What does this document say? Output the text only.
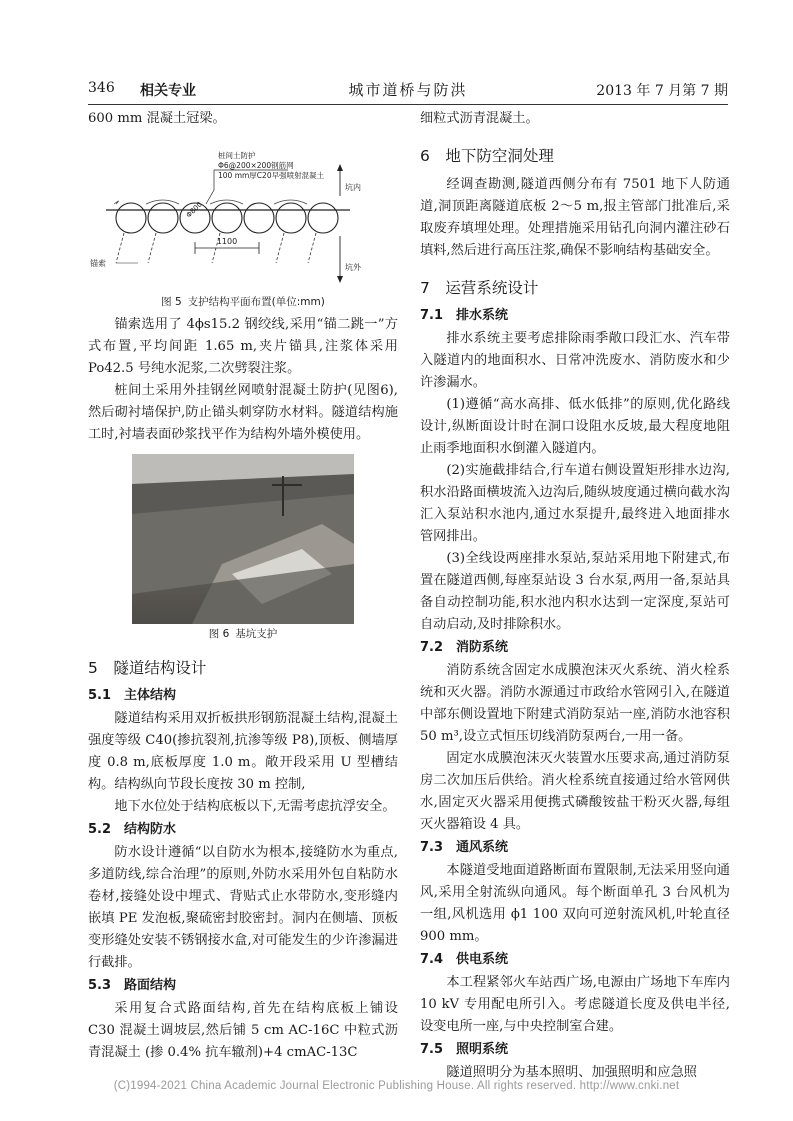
346 相关专业	城市道桥与防洪	2013 年 7 月第 7 期

600 mm 混凝土冠梁。

1100
Φ800
桩间土防护
Φ6@200×200钢筋网
100 mm厚C20早强喷射混凝土
坑内
坑外
锚索
图 5 支护结构平面布置(单位:mm)

锚索选用了 4ϕs15.2 钢绞线,采用“锚二跳一”方式布置,平均间距 1.65 m,夹片锚具,注浆体采用 Po42.5 号纯水泥浆,二次劈裂注浆。

桩间土采用外挂钢丝网喷射混凝土防护(见图6),然后砌衬墙保护,防止锚头刺穿防水材料。隧道结构施工时,衬墙表面砂浆找平作为结构外墙外模使用。

图 6 基坑支护
5　隧道结构设计
5.1　主体结构

隧道结构采用双折板拱形钢筋混凝土结构,混凝土强度等级 C40(掺抗裂剂,抗渗等级 P8),顶板、侧墙厚度 0.8 m,底板厚度 1.0 m。敞开段采用 U 型槽结构。结构纵向节段长度按 30 m 控制,

地下水位处于结构底板以下,无需考虑抗浮安全。

5.2　结构防水

防水设计遵循“以自防水为根本,接缝防水为重点,多道防线,综合治理”的原则,外防水采用外包自粘防水卷材,接缝处设中埋式、背贴式止水带防水,变形缝内嵌填 PE 发泡板,聚硫密封胶密封。洞内在侧墙、顶板变形缝处安装不锈钢接水盒,对可能发生的少许渗漏进行截排。

5.3　路面结构

采用复合式路面结构,首先在结构底板上铺设 C30 混凝土调坡层,然后铺 5 cm AC-16C 中粒式沥青混凝土 (掺 0.4% 抗车辙剂)+4 cmAC-13C

细粒式沥青混凝土。

6　地下防空洞处理

经调查勘测,隧道西侧分布有 7501 地下人防通道,洞顶距离隧道底板 2～5 m,报主管部门批准后,采取废弃填埋处理。处理措施采用钻孔向洞内灌注砂石填料,然后进行高压注浆,确保不影响结构基础安全。

7　运营系统设计
7.1　排水系统

排水系统主要考虑排除雨季敞口段汇水、汽车带入隧道内的地面积水、日常冲洗废水、消防废水和少许渗漏水。

(1)遵循“高水高排、低水低排”的原则,优化路线设计,纵断面设计时在洞口设阻水反坡,最大程度地阻止雨季地面积水倒灌入隧道内。

(2)实施截排结合,行车道右侧设置矩形排水边沟,积水沿路面横坡流入边沟后,随纵坡度通过横向截水沟汇入泵站积水池内,通过水泵提升,最终进入地面排水管网排出。

(3)全线设两座排水泵站,泵站采用地下附建式,布置在隧道西侧,每座泵站设 3 台水泵,两用一备,泵站具备自动控制功能,积水池内积水达到一定深度,泵站可自动启动,及时排除积水。

7.2　消防系统

消防系统含固定水成膜泡沫灭火系统、消火栓系统和灭火器。消防水源通过市政给水管网引入,在隧道中部东侧设置地下附建式消防泵站一座,消防水池容积 50 m³,设立式恒压切线消防泵两台,一用一备。

固定水成膜泡沫灭火装置水压要求高,通过消防泵房二次加压后供给。消火栓系统直接通过给水管网供水,固定灭火器采用便携式磷酸铵盐干粉灭火器,每组灭火器箱设 4 具。

7.3　通风系统

本隧道受地面道路断面布置限制,无法采用竖向通风,采用全射流纵向通风。每个断面单孔 3 台风机为一组,风机选用 ϕ1 100 双向可逆射流风机,叶轮直径 900 mm。

7.4　供电系统

本工程紧邻火车站西广场,电源由广场地下车库内 10 kV 专用配电所引入。考虑隧道长度及供电半径,设变电所一座,与中央控制室合建。

7.5　照明系统

隧道照明分为基本照明、加强照明和应急照

(C)1994-2021 China Academic Journal Electronic Publishing House. All rights reserved. http://www.cnki.net
